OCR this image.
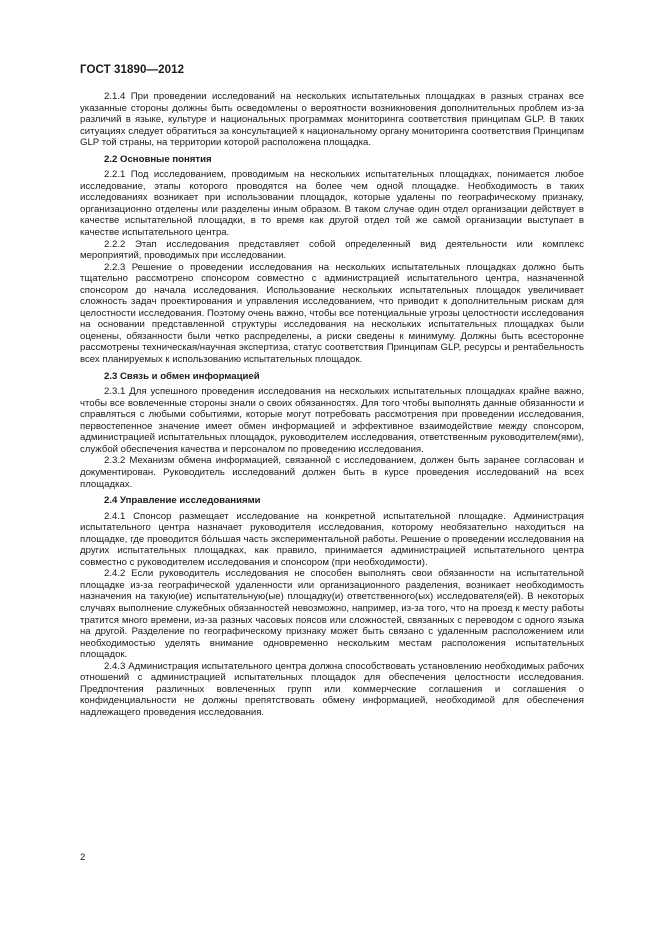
ГОСТ 31890—2012

2.1.4 При проведении исследований на нескольких испытательных площадках в разных странах все указанные стороны должны быть осведомлены о вероятности возникновения дополнительных проблем из-за различий в языке, культуре и национальных программах мониторинга соответствия принципам GLP. В таких ситуациях следует обратиться за консультацией к национальному органу мониторинга соответствия Принципам GLP той страны, на территории которой расположена площадка.

2.2 Основные понятия

2.2.1 Под исследованием, проводимым на нескольких испытательных площадках, понимается любое исследование, этапы которого проводятся на более чем одной площадке. Необходимость в таких исследованиях возникает при использовании площадок, которые удалены по географическому признаку, организационно отделены или разделены иным образом. В таком случае один отдел организации действует в качестве испытательной площадки, в то время как другой отдел той же самой организации выступает в качестве испытательного центра.

2.2.2 Этап исследования представляет собой определенный вид деятельности или комплекс мероприятий, проводимых при исследовании.

2.2.3 Решение о проведении исследования на нескольких испытательных площадках должно быть тщательно рассмотрено спонсором совместно с администрацией испытательного центра, назначенной спонсором до начала исследования. Использование нескольких испытательных площадок увеличивает сложность задач проектирования и управления исследованием, что приводит к дополнительным рискам для целостности исследования. Поэтому очень важно, чтобы все потенциальные угрозы целостности исследования на основании представленной структуры исследования на нескольких испытательных площадках были оценены, обязанности были четко распределены, а риски сведены к минимуму. Должны быть всесторонне рассмотрены техническая/научная экспертиза, статус соответствия Принципам GLP, ресурсы и рентабельность всех планируемых к использованию испытательных площадок.

2.3 Связь и обмен информацией

2.3.1 Для успешного проведения исследования на нескольких испытательных площадках крайне важно, чтобы все вовлеченные стороны знали о своих обязанностях. Для того чтобы выполнять данные обязанности и справляться с любыми событиями, которые могут потребовать рассмотрения при проведении исследования, первостепенное значение имеет обмен информацией и эффективное взаимодействие между спонсором, администрацией испытательных площадок, руководителем исследования, ответственным руководителем(ями), службой обеспечения качества и персоналом по проведению исследования.

2.3.2 Механизм обмена информацией, связанной с исследованием, должен быть заранее согласован и документирован. Руководитель исследований должен быть в курсе проведения исследований на всех площадках.

2.4 Управление исследованиями

2.4.1 Спонсор размещает исследование на конкретной испытательной площадке. Администрация испытательного центра назначает руководителя исследования, которому необязательно находиться на площадке, где проводится бо́льшая часть экспериментальной работы. Решение о проведении исследования на других испытательных площадках, как правило, принимается администрацией испытательного центра совместно с руководителем исследования и спонсором (при необходимости).

2.4.2 Если руководитель исследования не способен выполнять свои обязанности на испытательной площадке из-за географической удаленности или организационного разделения, возникает необходимость назначения на такую(ие) испытательную(ые) площадку(и) ответственного(ых) исследователя(ей). В некоторых случаях выполнение служебных обязанностей невозможно, например, из-за того, что на проезд к месту работы тратится много времени, из-за разных часовых поясов или сложностей, связанных с переводом с одного языка на другой. Разделение по географическому признаку может быть связано с удаленным расположением или необходимостью уделять внимание одновременно нескольким местам расположения испытательных площадок.

2.4.3 Администрация испытательного центра должна способствовать установлению необходимых рабочих отношений с администрацией испытательных площадок для обеспечения целостности исследования. Предпочтения различных вовлеченных групп или коммерческие соглашения и соглашения о конфиденциальности не должны препятствовать обмену информацией, необходимой для обеспечения надлежащего проведения исследования.

2
